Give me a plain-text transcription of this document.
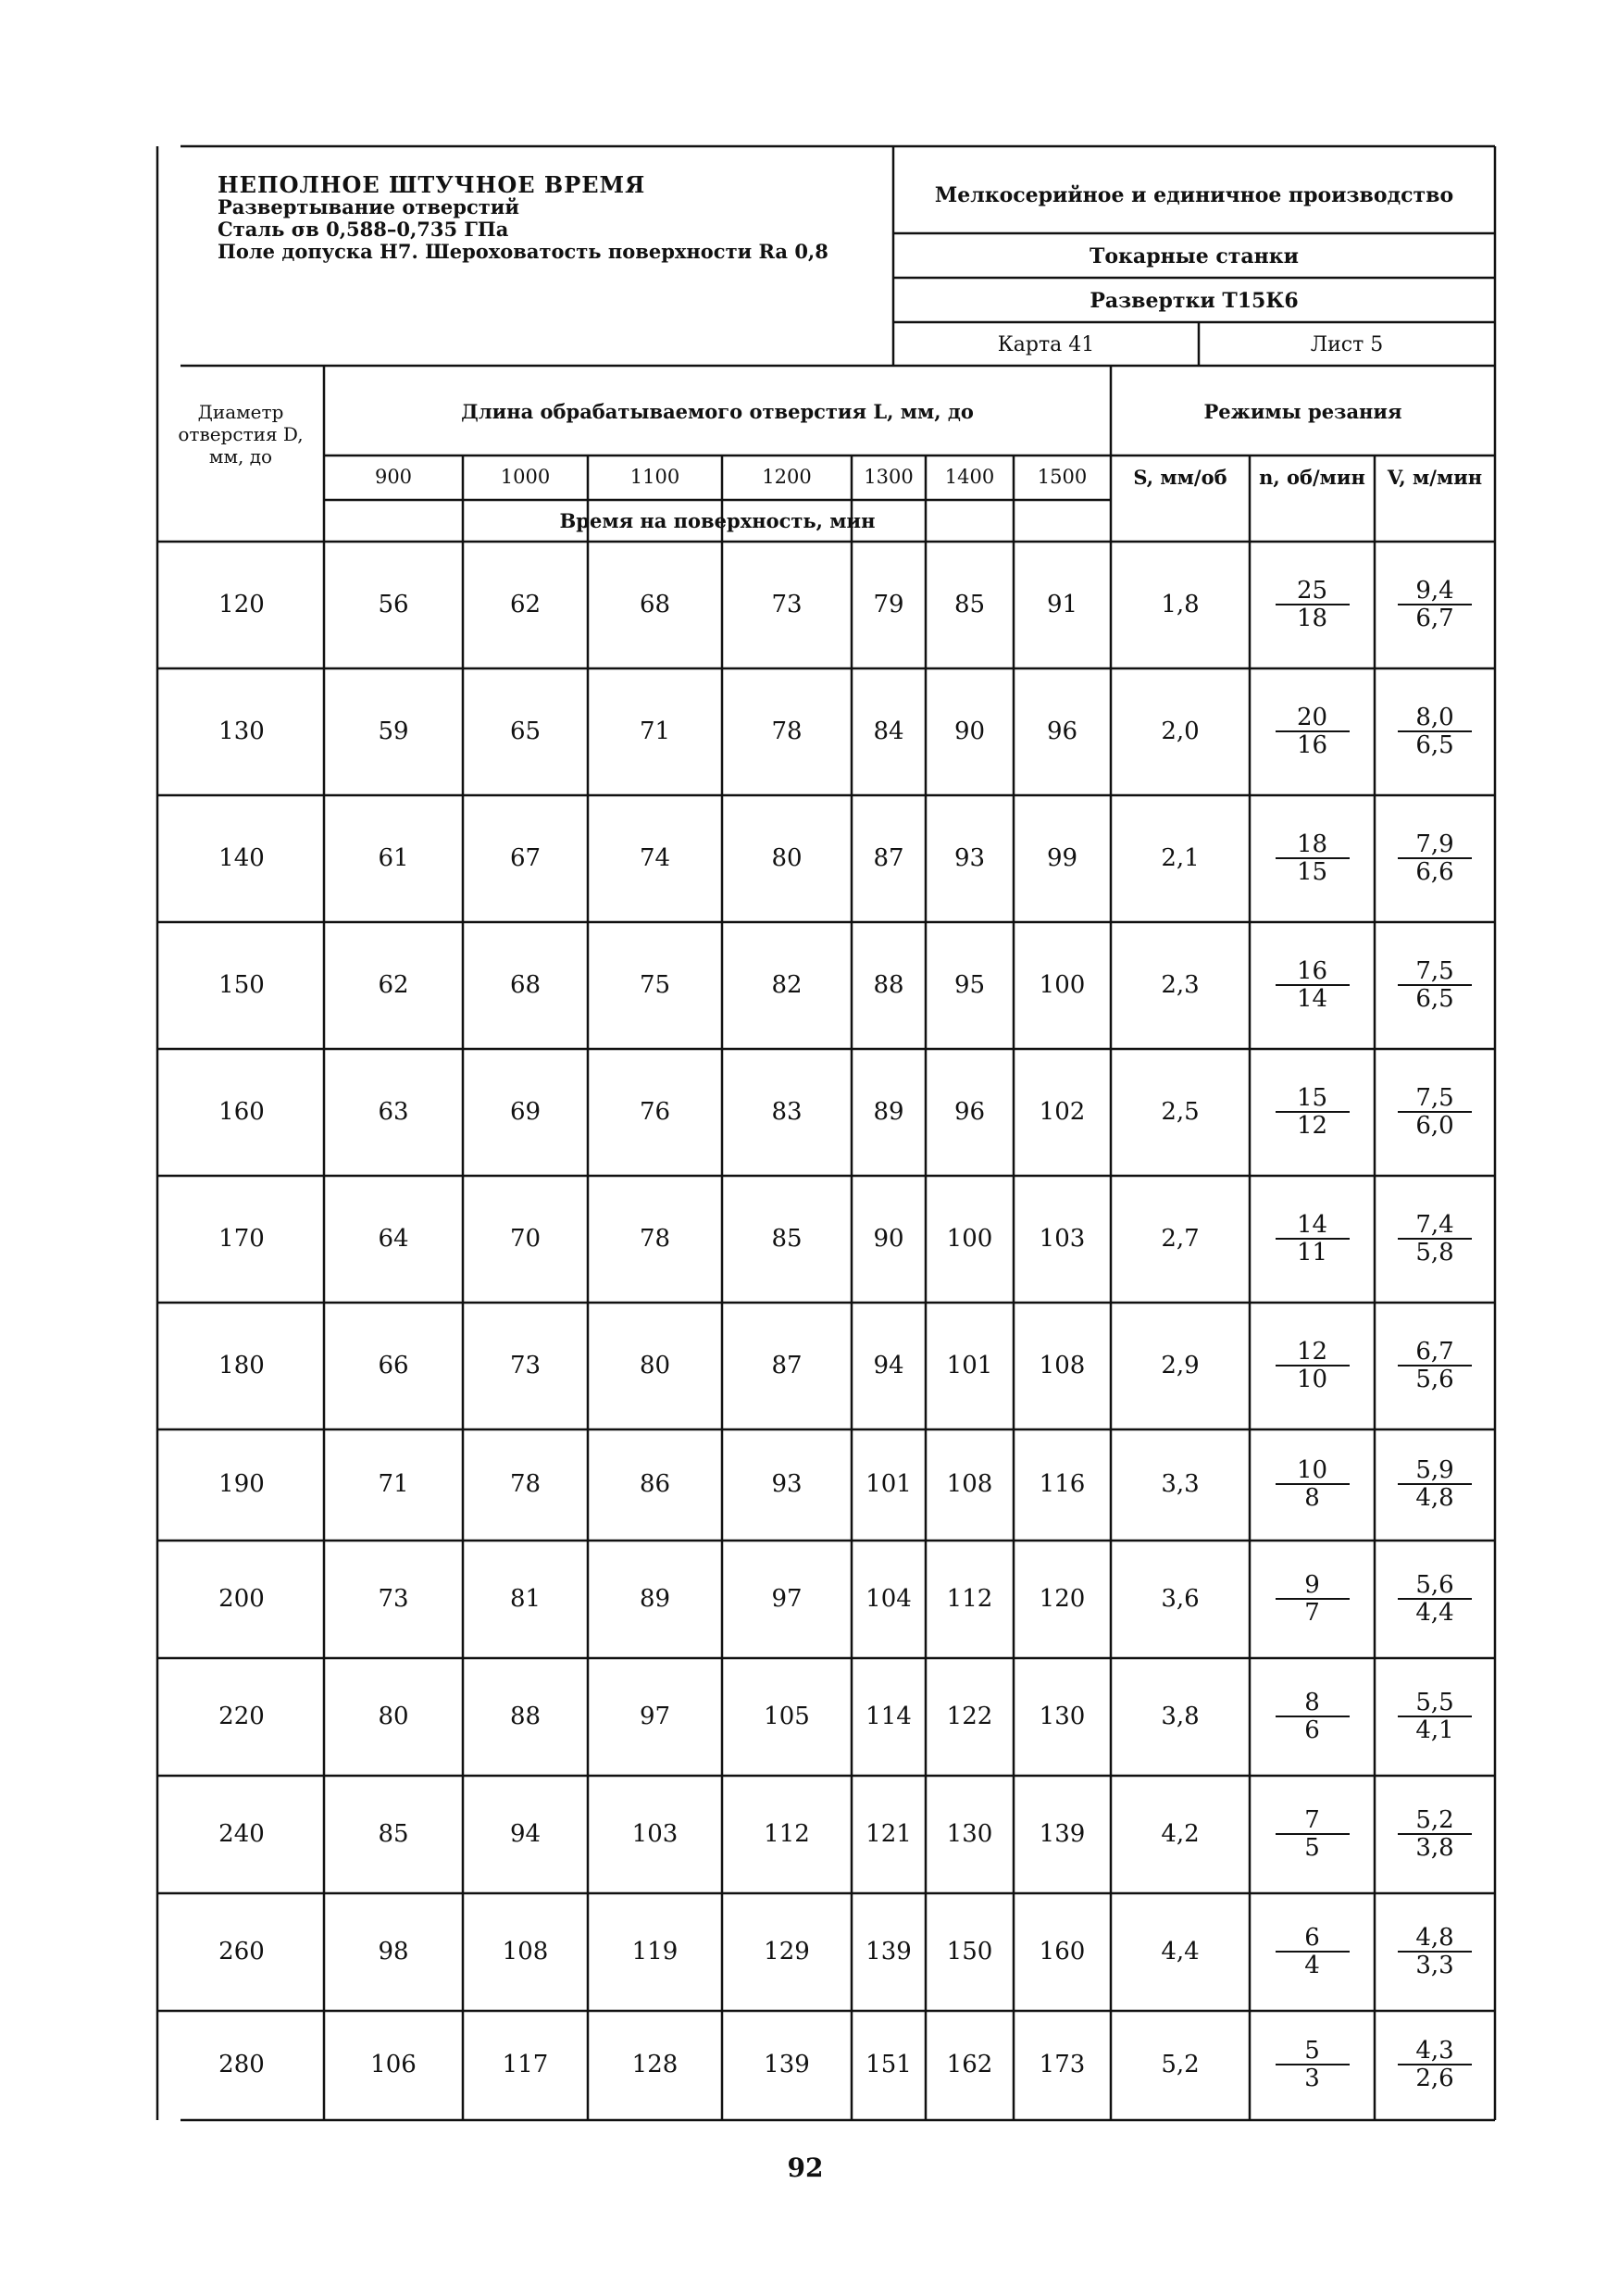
НЕПОЛНОЕ ШТУЧНОЕ ВРЕМЯ
Развертывание отверстий
Сталь σв 0,588–0,735 ГПа
Поле допуска H7. Шероховатость поверхности Ra 0,8
Мелкосерийное и единичное производство
Токарные станки
Развертки Т15К6
Карта 41	Лист 5
Диаметр отверстия D, мм, до
Длина обрабатываемого отверстия L, мм, до	Режимы резания
Время на поверхность, мин
900	1000	1100	1200	1300	1400	1500	S, мм/об	n, об/мин	V, м/мин
120	56	62	68	73	79	85	91	1,8	$\frac{25}{18} \frac{9,4}{6,7}$
130	59	65	71	78	84	90	96	2,0	$\frac{20}{16} \frac{8,0}{6,5}$
140	61	67	74	80	87	93	99	2,1	$\frac{18}{15} \frac{7,9}{6,6}$
150	62	68	75	82	88	95	100	2,3	$\frac{16}{14} \frac{7,5}{6,5}$
160	63	69	76	83	89	96	102	2,5	$\frac{15}{12} \frac{7,5}{6,0}$
170	64	70	78	85	90	100	103	2,7	$\frac{14}{11} \frac{7,4}{5,8}$
180	66	73	80	87	94	101	108	2,9	$\frac{12}{10} \frac{6,7}{5,6}$
190	71	78	86	93	101	108	116	3,3	$\frac{10}{8} \frac{5,9}{4,8}$
200	73	81	89	97	104	112	120	3,6	$\frac{9}{7} \frac{5,6}{4,4}$
220	80	88	97	105	114	122	130	3,8	$\frac{8}{6} \frac{5,5}{4,1}$
240	85	94	103	112	121	130	139	4,2	$\frac{7}{5} \frac{5,2}{3,8}$
260	98	108	119	129	139	150	160	4,4	$\frac{6}{4} \frac{4,8}{3,3}$
280	106	117	128	139	151	162	173	5,2	$\frac{5}{3} \frac{4,3}{2,6}$
92
